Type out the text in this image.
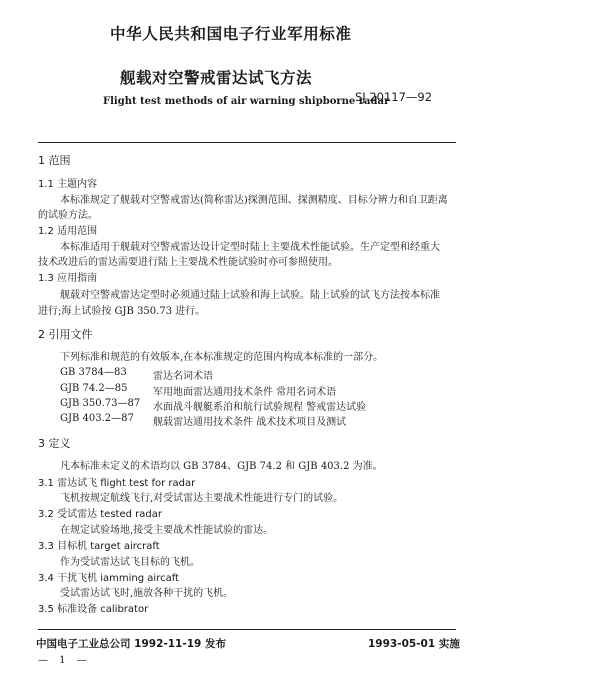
中华人民共和国电子行业军用标准
舰载对空警戒雷达试飞方法
Flight test methods of air warning shipborne radar
SJ 20117—92
1 范围
1.1 主题内容
本标准规定了舰载对空警戒雷达(简称雷达)探测范围、探测精度、目标分辨力和自卫距离
的试验方法。
1.2 适用范围
本标准适用于舰载对空警戒雷达设计定型时陆上主要战术性能试验。生产定型和经重大
技术改进后的雷达需要进行陆上主要战术性能试验时亦可参照使用。
1.3 应用指南
舰载对空警戒雷达定型时必须通过陆上试验和海上试验。陆上试验的试飞方法按本标准
进行;海上试验按 GJB 350.73 进行。
2 引用文件
下列标准和规范的有效版本,在本标准规定的范围内构成本标准的一部分。
GB 3784—83	雷达名词术语
GJB 74.2—85	军用地面雷达通用技术条件 常用名词术语
GJB 350.73—87 水面战斗舰艇系泊和航行试验规程 警戒雷达试验
GJB 403.2—87 舰载雷达通用技术条件 战术技术项目及测试
3 定义
凡本标准未定义的术语均以 GB 3784、GJB 74.2 和 GJB 403.2 为准。
3.1 雷达试飞 flight test for radar
飞机按规定航线飞行,对受试雷达主要战术性能进行专门的试验。
3.2 受试雷达 tested radar
在规定试验场地,接受主要战术性能试验的雷达。
3.3 目标机 target aircraft
作为受试雷达试飞目标的飞机。
3.4 干扰飞机 iamming aircaft
受试雷达试飞时,施放各种干扰的飞机。
3.5 标准设备 calibrator
中国电子工业总公司 1992-11-19 发布	1993-05-01 实施
— 1 —
